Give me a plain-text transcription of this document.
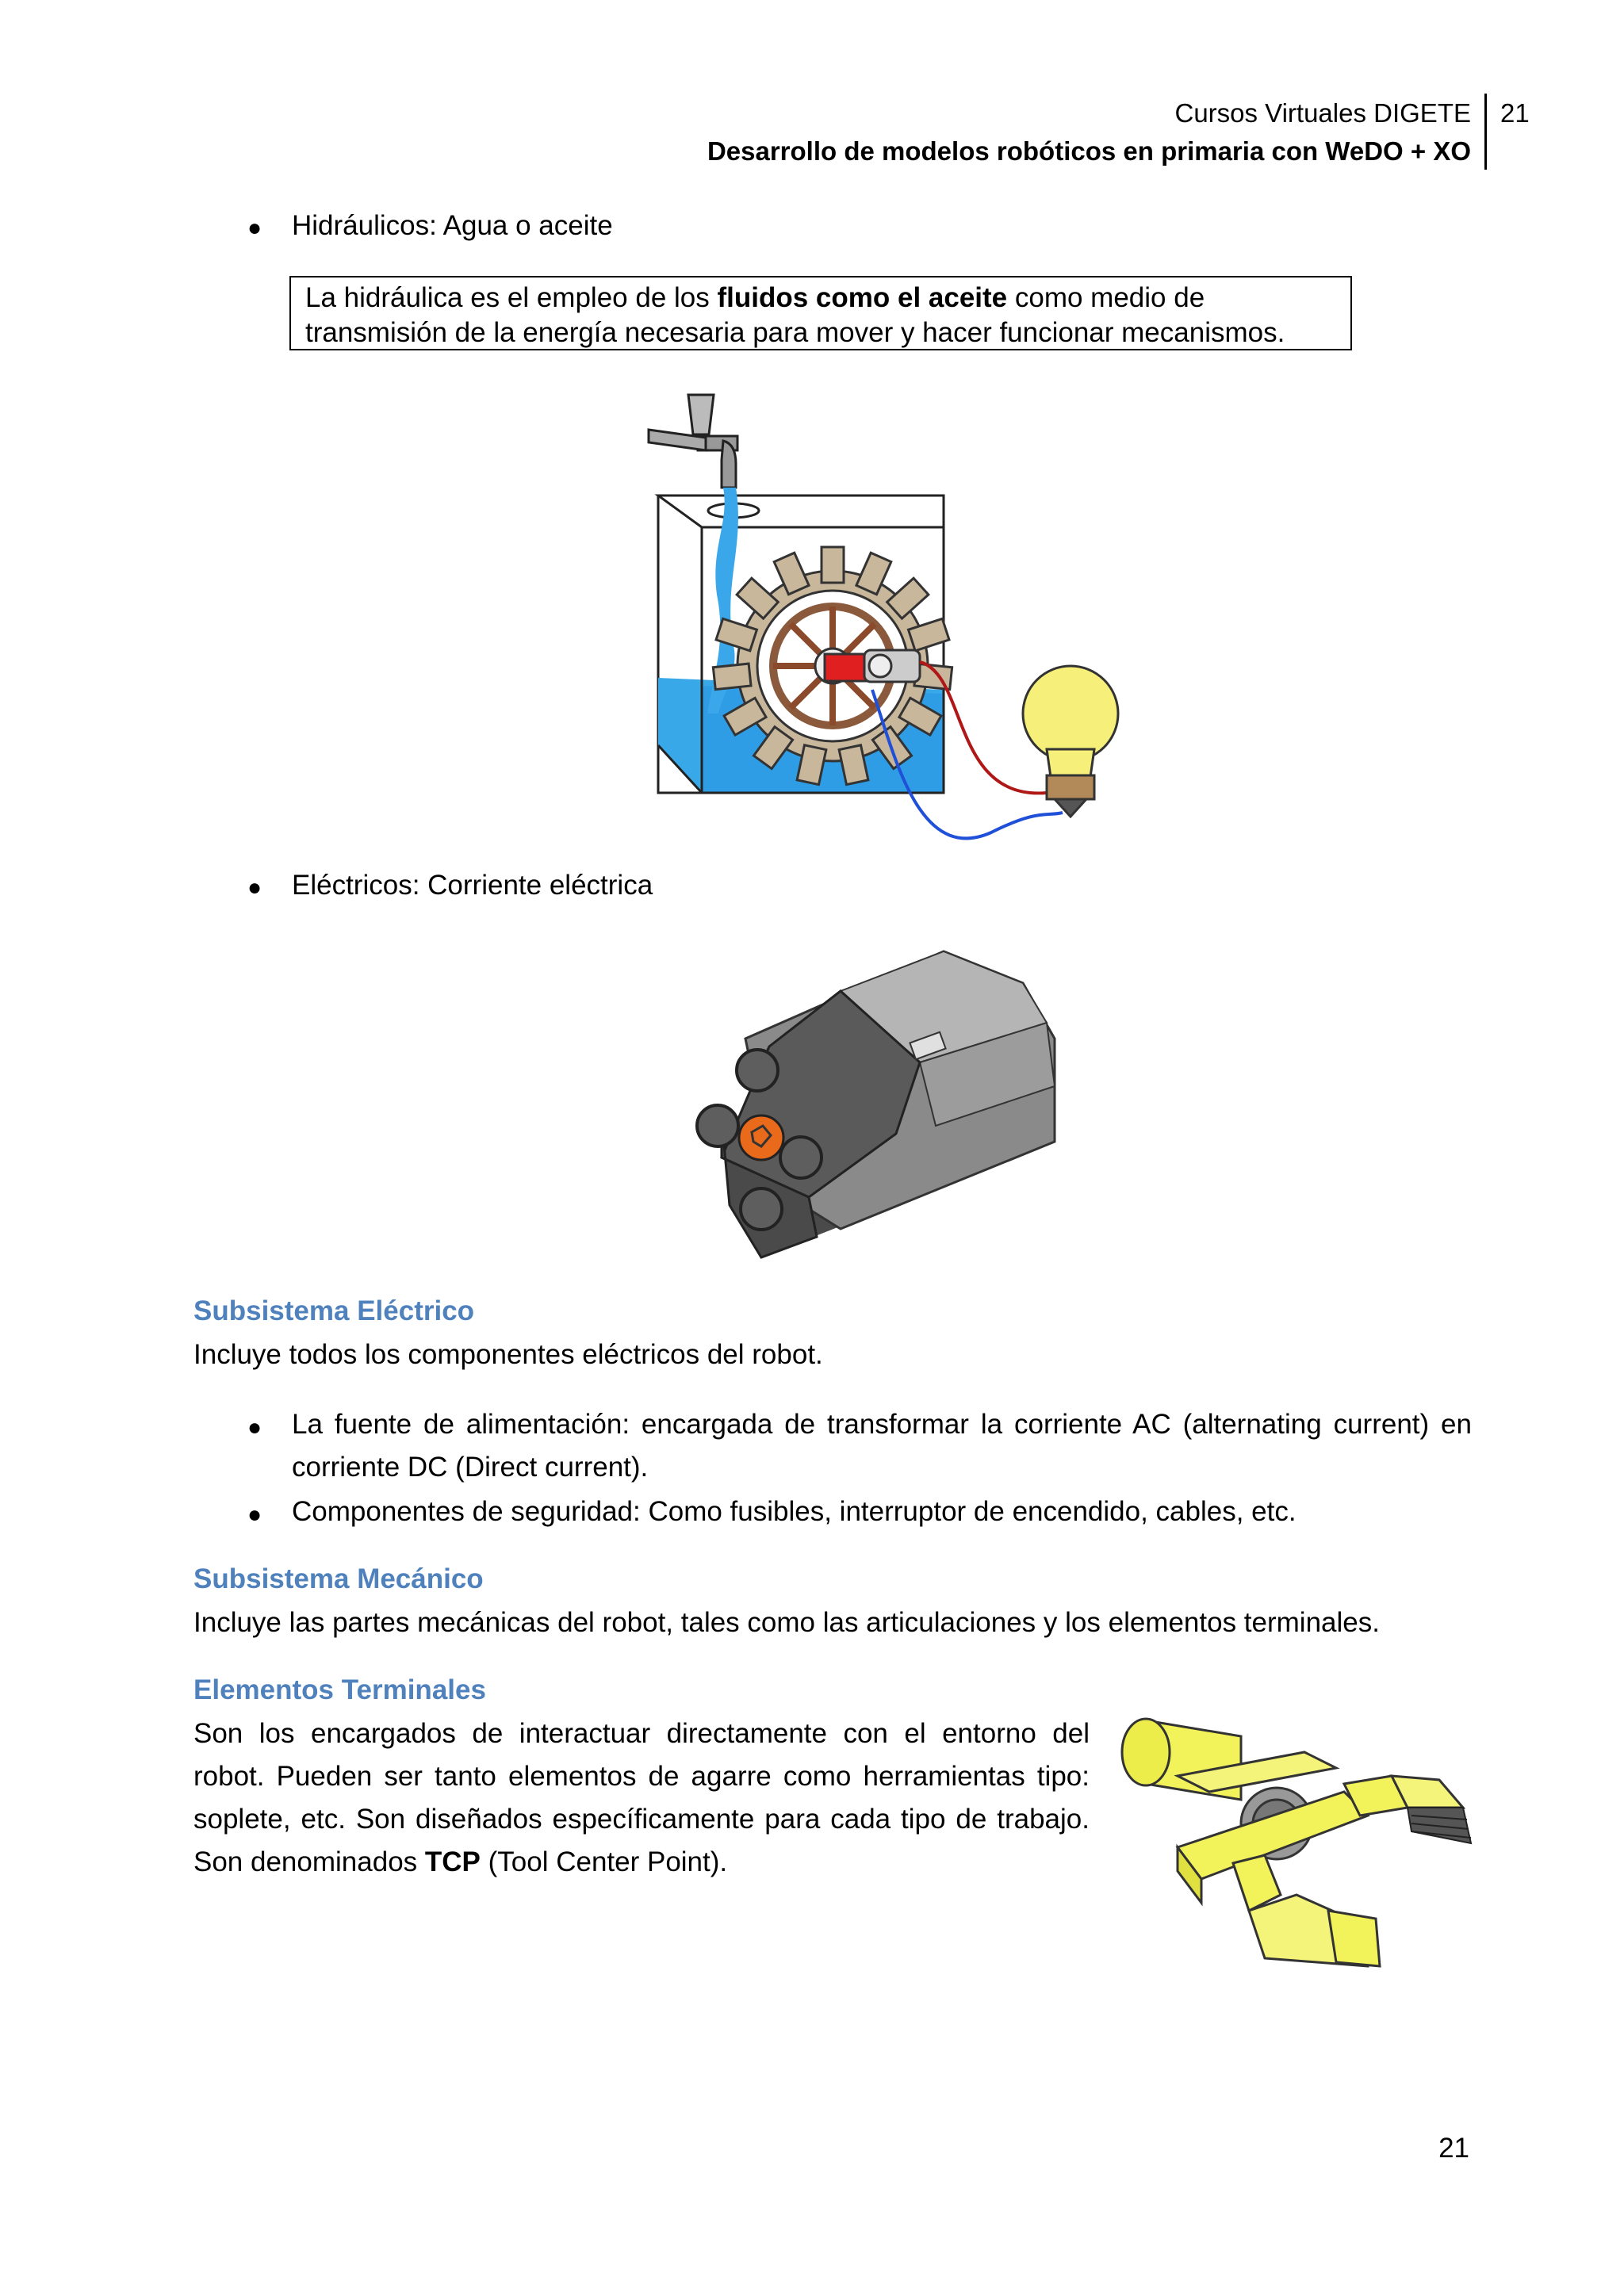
Cursos Virtuales DIGETE
Desarrollo de modelos robóticos en primaria con WeDO + XO
21
● Hidráulicos: Agua o aceite
La hidráulica es el empleo de los fluidos como el aceite como medio de transmisión de la energía necesaria para mover y hacer funcionar mecanismos.
● Eléctricos: Corriente eléctrica
Subsistema Eléctrico
Incluye todos los componentes eléctricos del robot.
● La fuente de alimentación: encargada de transformar la corriente AC (alternating current) en corriente DC (Direct current).
● Componentes de seguridad: Como fusibles, interruptor de encendido, cables, etc.
Subsistema Mecánico
Incluye las partes mecánicas del robot, tales como las articulaciones y los elementos terminales.
Elementos Terminales
Son los encargados de interactuar directamente con el entorno del robot. Pueden ser tanto elementos de agarre como herramientas tipo: soplete, etc. Son diseñados específicamente para cada tipo de trabajo. Son denominados TCP (Tool Center Point).
21
